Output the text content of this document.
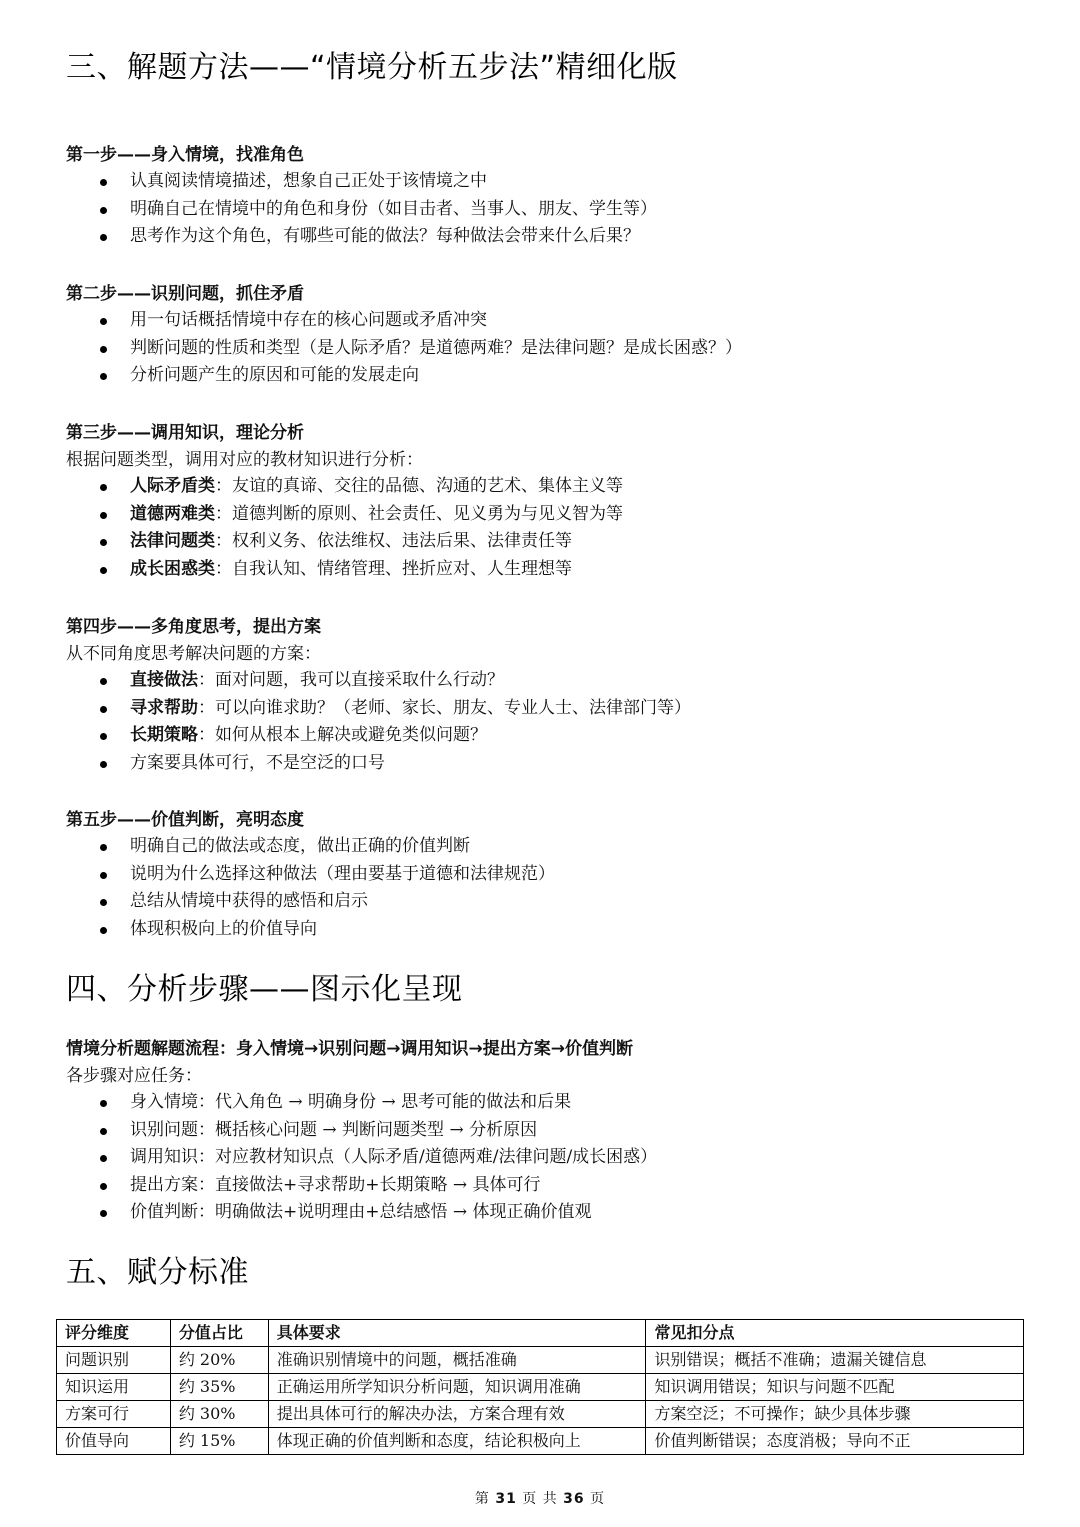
三、解题方法——“情境分析五步法”精细化版
第一步——身入情境，找准角色
认真阅读情境描述，想象自己正处于该情境之中
明确自己在情境中的角色和身份（如目击者、当事人、朋友、学生等）
思考作为这个角色，有哪些可能的做法？每种做法会带来什么后果？
第二步——识别问题，抓住矛盾
用一句话概括情境中存在的核心问题或矛盾冲突
判断问题的性质和类型（是人际矛盾？是道德两难？是法律问题？是成长困惑？）
分析问题产生的原因和可能的发展走向
第三步——调用知识，理论分析
根据问题类型，调用对应的教材知识进行分析：
人际矛盾类：友谊的真谛、交往的品德、沟通的艺术、集体主义等
道德两难类：道德判断的原则、社会责任、见义勇为与见义智为等
法律问题类：权利义务、依法维权、违法后果、法律责任等
成长困惑类：自我认知、情绪管理、挫折应对、人生理想等
第四步——多角度思考，提出方案
从不同角度思考解决问题的方案：
直接做法：面对问题，我可以直接采取什么行动？
寻求帮助：可以向谁求助？（老师、家长、朋友、专业人士、法律部门等）
长期策略：如何从根本上解决或避免类似问题？
方案要具体可行，不是空泛的口号
第五步——价值判断，亮明态度
明确自己的做法或态度，做出正确的价值判断
说明为什么选择这种做法（理由要基于道德和法律规范）
总结从情境中获得的感悟和启示
体现积极向上的价值导向
四、分析步骤——图示化呈现
情境分析题解题流程：身入情境→识别问题→调用知识→提出方案→价值判断
各步骤对应任务：
身入情境：代入角色 → 明确身份 → 思考可能的做法和后果
识别问题：概括核心问题 → 判断问题类型 → 分析原因
调用知识：对应教材知识点（人际矛盾/道德两难/法律问题/成长困惑）
提出方案：直接做法+寻求帮助+长期策略 → 具体可行
价值判断：明确做法+说明理由+总结感悟 → 体现正确价值观
五、赋分标准
评分维度	分值占比	具体要求	常见扣分点
问题识别	约 20%	准确识别情境中的问题，概括准确	识别错误；概括不准确；遗漏关键信息
知识运用	约 35%	正确运用所学知识分析问题，知识调用准确	知识调用错误；知识与问题不匹配
方案可行	约 30%	提出具体可行的解决办法，方案合理有效	方案空泛；不可操作；缺少具体步骤
价值导向	约 15%	体现正确的价值判断和态度，结论积极向上	价值判断错误；态度消极；导向不正
第 31 页 共 36 页
